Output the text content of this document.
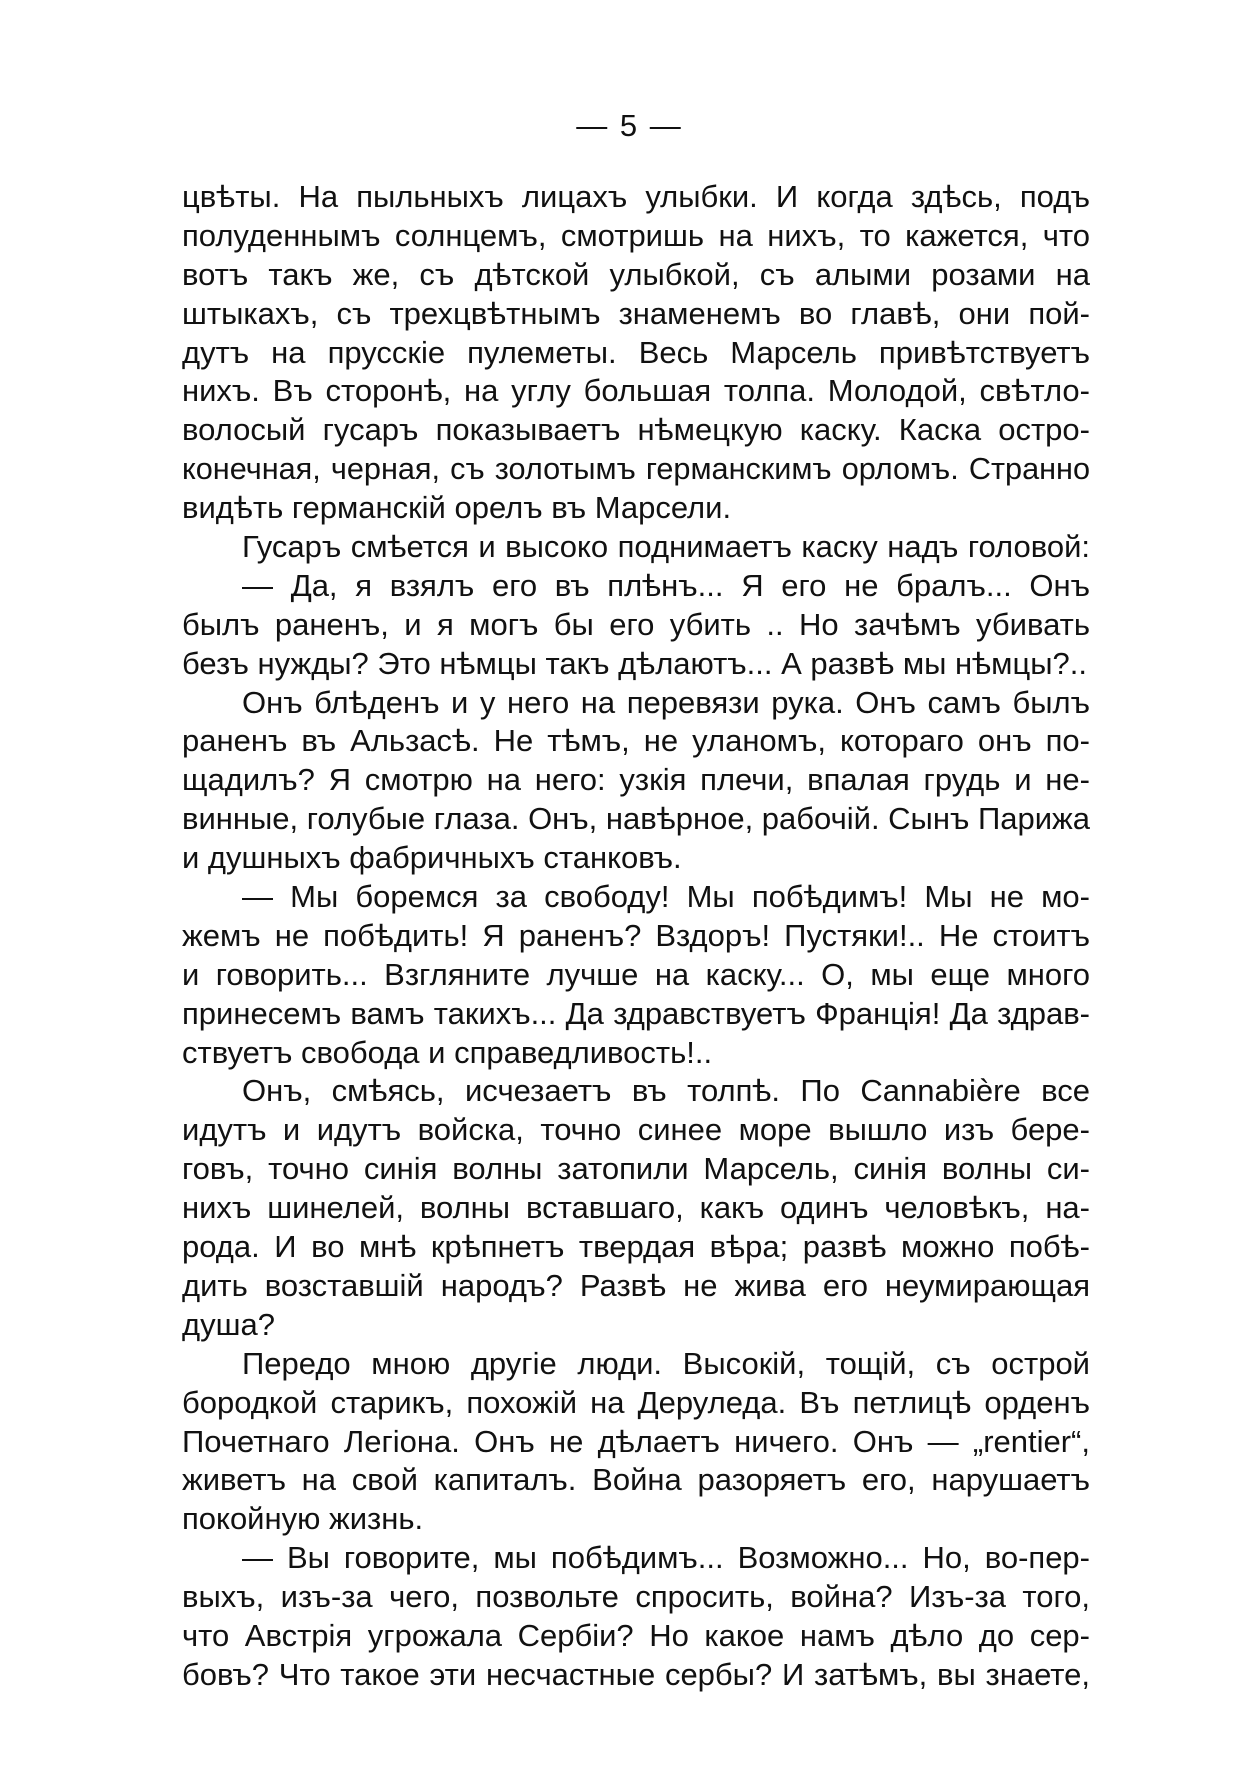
— 5 —
цвѣты. На пыльныхъ лицахъ улыбки. И когда здѣсь, подъ
полуденнымъ солнцемъ, смотришь на нихъ, то кажется, что
вотъ такъ же, съ дѣтской улыбкой, съ алыми розами на
штыкахъ, съ трехцвѣтнымъ знаменемъ во главѣ, они пой-
дутъ на прусскіе пулеметы. Весь Марсель привѣтствуетъ
нихъ. Въ сторонѣ, на углу большая толпа. Молодой, свѣтло-
волосый гусаръ показываетъ нѣмецкую каску. Каска остро-
конечная, черная, съ золотымъ германскимъ орломъ. Странно
видѣть германскій орелъ въ Марсели.
Гусаръ смѣется и высоко поднимаетъ каску надъ головой:
— Да, я взялъ его въ плѣнъ... Я его не бралъ... Онъ
былъ раненъ, и я могъ бы его убить .. Но зачѣмъ убивать
безъ нужды? Это нѣмцы такъ дѣлаютъ... А развѣ мы нѣмцы?..
Онъ блѣденъ и у него на перевязи рука. Онъ самъ былъ
раненъ въ Альзасѣ. Не тѣмъ, не уланомъ, котораго онъ по-
щадилъ? Я смотрю на него: узкія плечи, впалая грудь и не-
винные, голубые глаза. Онъ, навѣрное, рабочій. Сынъ Парижа
и душныхъ фабричныхъ станковъ.
— Мы боремся за свободу! Мы побѣдимъ! Мы не мо-
жемъ не побѣдить! Я раненъ? Вздоръ! Пустяки!.. Не стоитъ
и говорить... Взгляните лучше на каску... О, мы еще много
принесемъ вамъ такихъ... Да здравствуетъ Франція! Да здрав-
ствуетъ свобода и справедливость!..
Онъ, смѣясь, исчезаетъ въ толпѣ. По Cannabière все
идутъ и идутъ войска, точно синее море вышло изъ бере-
говъ, точно синія волны затопили Марсель, синія волны си-
нихъ шинелей, волны вставшаго, какъ одинъ человѣкъ, на-
рода. И во мнѣ крѣпнетъ твердая вѣра; развѣ можно побѣ-
дить возставшій народъ? Развѣ не жива его неумирающая
душа?
Передо мною другіе люди. Высокій, тощій, съ острой
бородкой старикъ, похожій на Деруледа. Въ петлицѣ орденъ
Почетнаго Легіона. Онъ не дѣлаетъ ничего. Онъ — „rentier“,
живетъ на свой капиталъ. Война разоряетъ его, нарушаетъ
покойную жизнь.
— Вы говорите, мы побѣдимъ... Возможно... Но, во-пер-
выхъ, изъ-за чего, позвольте спросить, война? Изъ-за того,
что Австрія угрожала Сербіи? Но какое намъ дѣло до сер-
бовъ? Что такое эти несчастные сербы? И затѣмъ, вы знаете,
